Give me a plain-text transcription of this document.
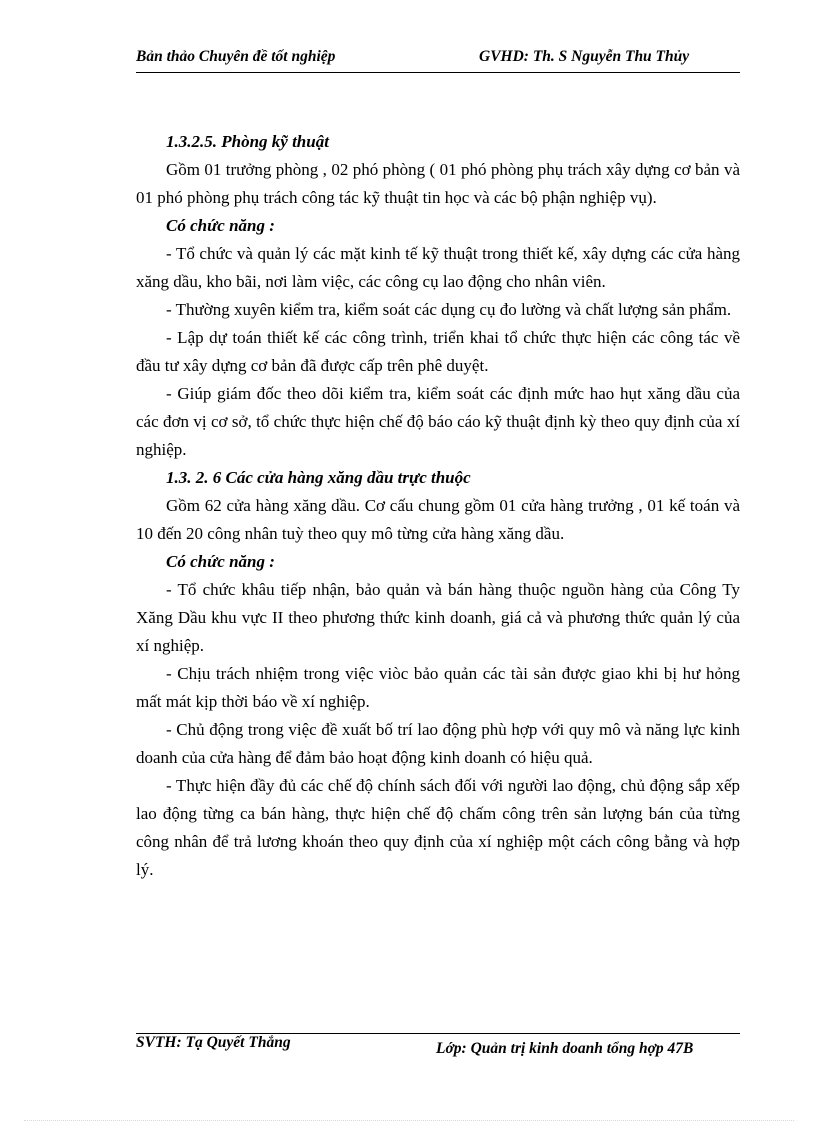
Bản thảo Chuyên đề tốt nghiệp	GVHD: Th. S Nguyễn Thu Thủy

1.3.2.5. Phòng kỹ thuật

Gồm 01 trưởng phòng , 02 phó phòng ( 01 phó phòng phụ trách xây dựng cơ bản và 01 phó phòng phụ trách công tác kỹ thuật tin học và các bộ phận nghiệp vụ).

Có chức năng :

- Tổ chức và quản lý các mặt kinh tế kỹ thuật trong thiết kế, xây dựng các cửa hàng xăng dầu, kho bãi, nơi làm việc, các công cụ lao động cho nhân viên.

- Thường xuyên kiểm tra, kiểm soát các dụng cụ đo lường và chất lượng sản phẩm.

- Lập dự toán thiết kế các công trình, triển khai tổ chức thực hiện các công tác về đầu tư xây dựng cơ bản đã được cấp trên phê duyệt.

- Giúp giám đốc theo dõi kiểm tra, kiểm soát các định mức hao hụt xăng dầu của các đơn vị cơ sở, tổ chức thực hiện chế độ báo cáo kỹ thuật định kỳ theo quy định của xí nghiệp.

1.3. 2. 6 Các cửa hàng xăng dầu trực thuộc

Gồm 62 cửa hàng xăng dầu. Cơ cấu chung gồm 01 cửa hàng trưởng , 01 kế toán và 10 đến 20 công nhân tuỳ theo quy mô từng cửa hàng xăng dầu.

Có chức năng :

- Tổ chức khâu tiếp nhận, bảo quản và bán hàng thuộc nguồn hàng của Công Ty Xăng Dầu khu vực II theo phương thức kinh doanh, giá cả và phương thức quản lý của xí nghiệp.

- Chịu trách nhiệm trong việc viòc bảo quản các tài sản được giao khi bị hư hỏng mất mát kịp thời báo về xí nghiệp.

- Chủ động trong việc đề xuất bố trí lao động phù hợp với quy mô và năng lực kinh doanh của cửa hàng để đảm bảo hoạt động kinh doanh có hiệu quả.

- Thực hiện đầy đủ các chế độ chính sách đối với người lao động, chủ động sắp xếp lao động từng ca bán hàng, thực hiện chế độ chấm công trên sản lượng bán của từng công nhân để trả lương khoán theo quy định của xí nghiệp một cách công bằng và hợp lý.

SVTH: Tạ Quyết Thắng	Lớp: Quản trị kinh doanh tổng hợp 47B
